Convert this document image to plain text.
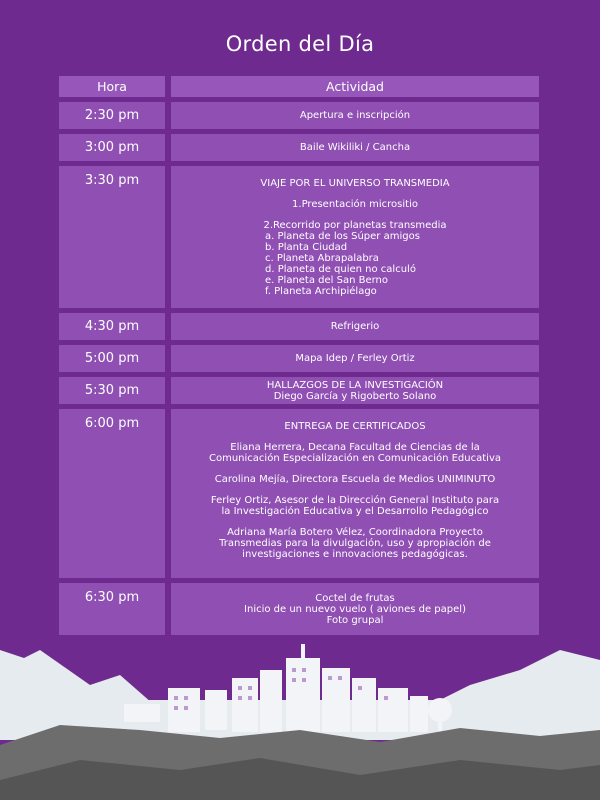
Orden del Día
Hora	Actividad
2:30 pm	Apertura e inscripción
3:00 pm	Baile Wikiliki / Cancha
3:30 pm	VIAJE POR EL UNIVERSO TRANSMEDIA
1.Presentación micrositio
2.Recorrido por planetas transmedia
a. Planeta de los Súper amigos
b. Planta Ciudad
c. Planeta Abrapalabra
d. Planeta de quien no calculó
e. Planeta del San Berno
f. Planeta Archipiélago
4:30 pm	Refrigerio
5:00 pm	Mapa Idep / Ferley Ortiz
5:30 pm	HALLAZGOS DE LA INVESTIGACIÓN
Diego García y Rigoberto Solano
6:00 pm	ENTREGA DE CERTIFICADOS
Eliana Herrera, Decana Facultad de Ciencias de la
Comunicación Especialización en Comunicación Educativa
Carolina Mejía, Directora Escuela de Medios UNIMINUTO
Ferley Ortiz, Asesor de la Dirección General Instituto para
la Investigación Educativa y el Desarrollo Pedagógico
Adriana María Botero Vélez, Coordinadora Proyecto
Transmedias para la divulgación, uso y apropiación de
investigaciones e innovaciones pedagógicas.
6:30 pm	Coctel de frutas
Inicio de un nuevo vuelo ( aviones de papel)
Foto grupal
